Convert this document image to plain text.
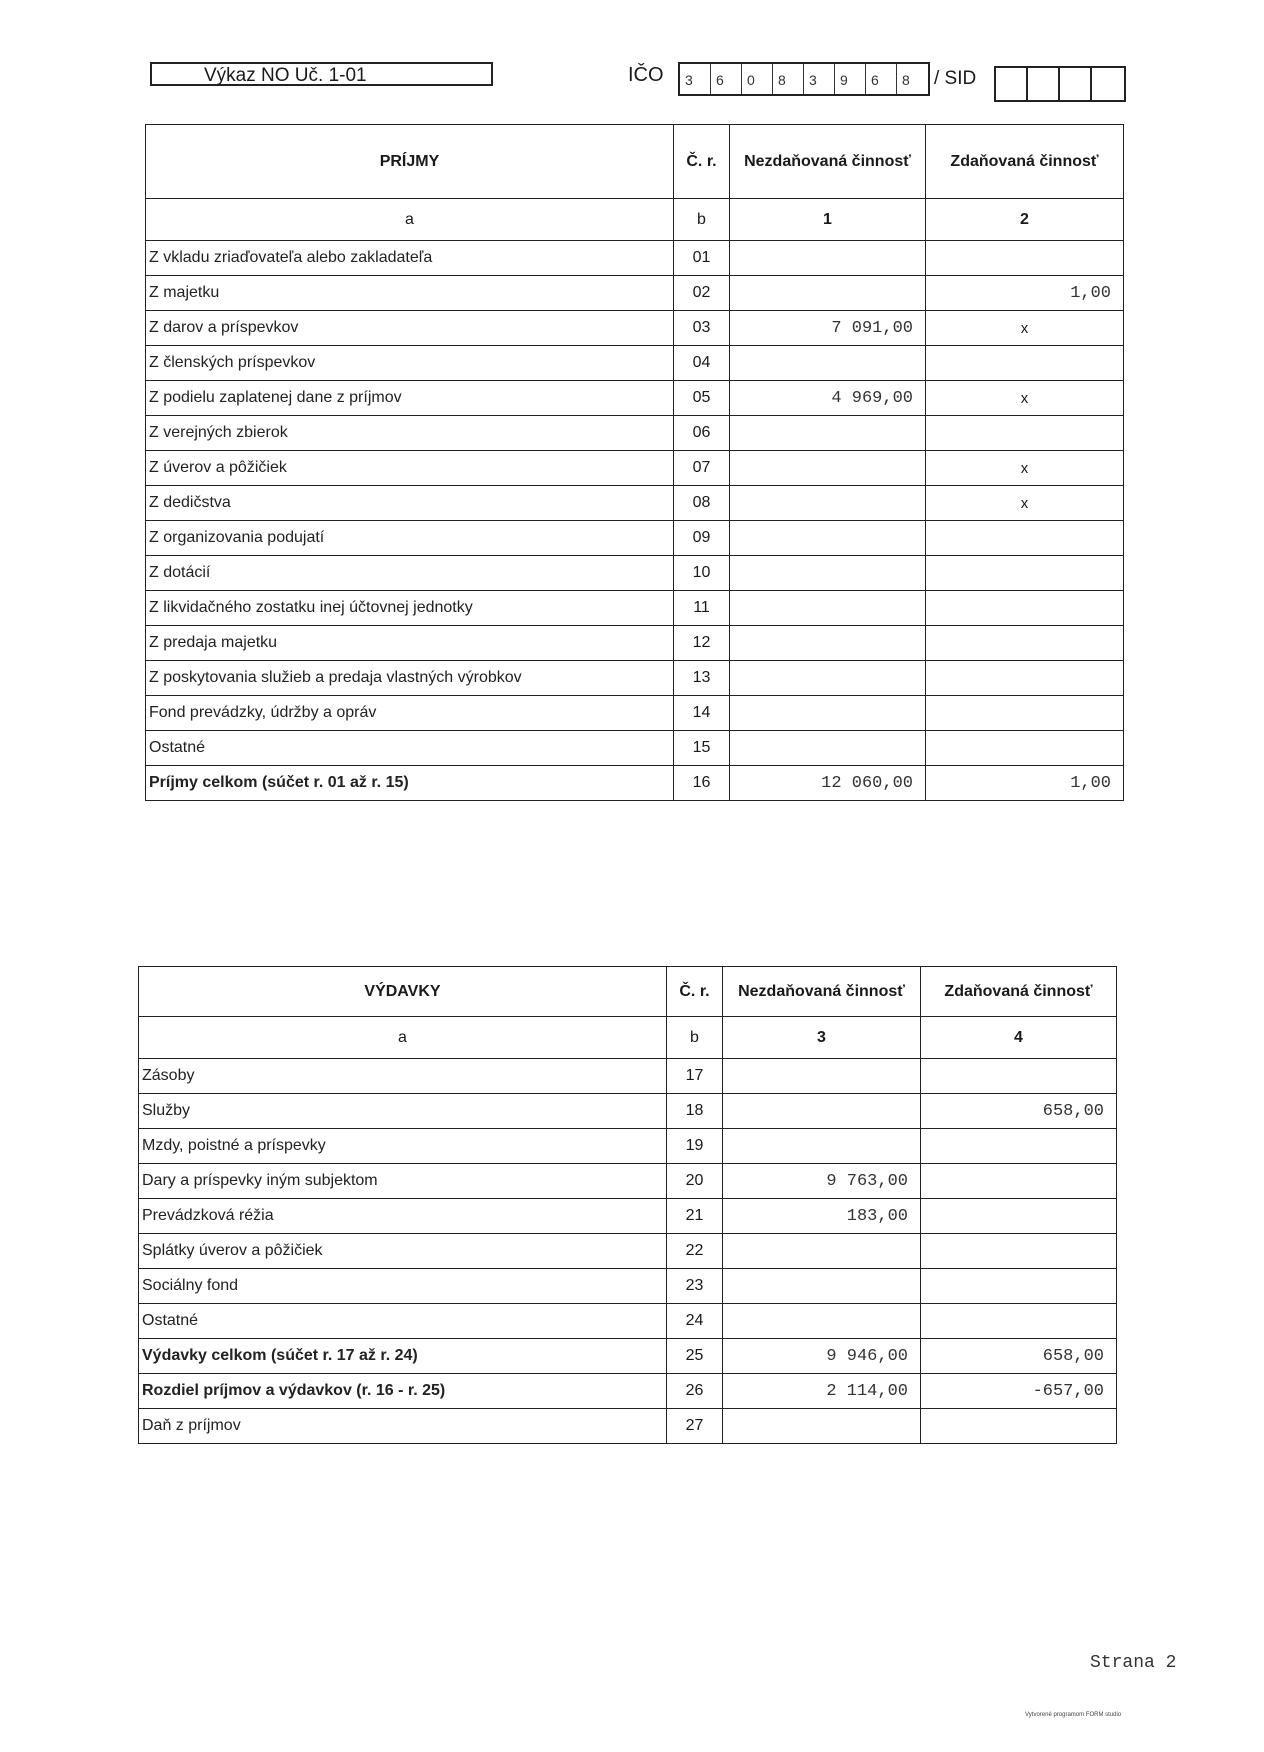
Výkaz NO Uč. 1-01	IČO	3	6	0	8	3	9	6	8	/ SID
PRÍJMY	Č. r.	Nezdaňovaná činnosť	Zdaňovaná činnosť
a	b	1	2
Z vkladu zriaďovateľa alebo zakladateľa	01		
Z majetku	02		1,00
Z darov a príspevkov	03	7 091,00	x
Z členských príspevkov	04		
Z podielu zaplatenej dane z príjmov	05	4 969,00	x
Z verejných zbierok	06		
Z úverov a pôžičiek	07		x
Z dedičstva	08		x
Z organizovania podujatí	09		
Z dotácií	10		
Z likvidačného zostatku inej účtovnej jednotky	11		
Z predaja majetku	12		
Z poskytovania služieb a predaja vlastných výrobkov	13		
Fond prevádzky, údržby a opráv	14		
Ostatné	15		
Príjmy celkom (súčet r. 01 až r. 15)	16	12 060,00	1,00
VÝDAVKY	Č. r.	Nezdaňovaná činnosť	Zdaňovaná činnosť
a	b	3	4
Zásoby	17		
Služby	18		658,00
Mzdy, poistné a príspevky	19		
Dary a príspevky iným subjektom	20	9 763,00	
Prevádzková réžia	21	183,00	
Splátky úverov a pôžičiek	22		
Sociálny fond	23		
Ostatné	24		
Výdavky celkom (súčet r. 17 až r. 24)	25	9 946,00	658,00
Rozdiel príjmov a výdavkov (r. 16 - r. 25)	26	2 114,00	-657,00
Daň z príjmov	27		
Strana 2
Vytvorené programom FORM studio
